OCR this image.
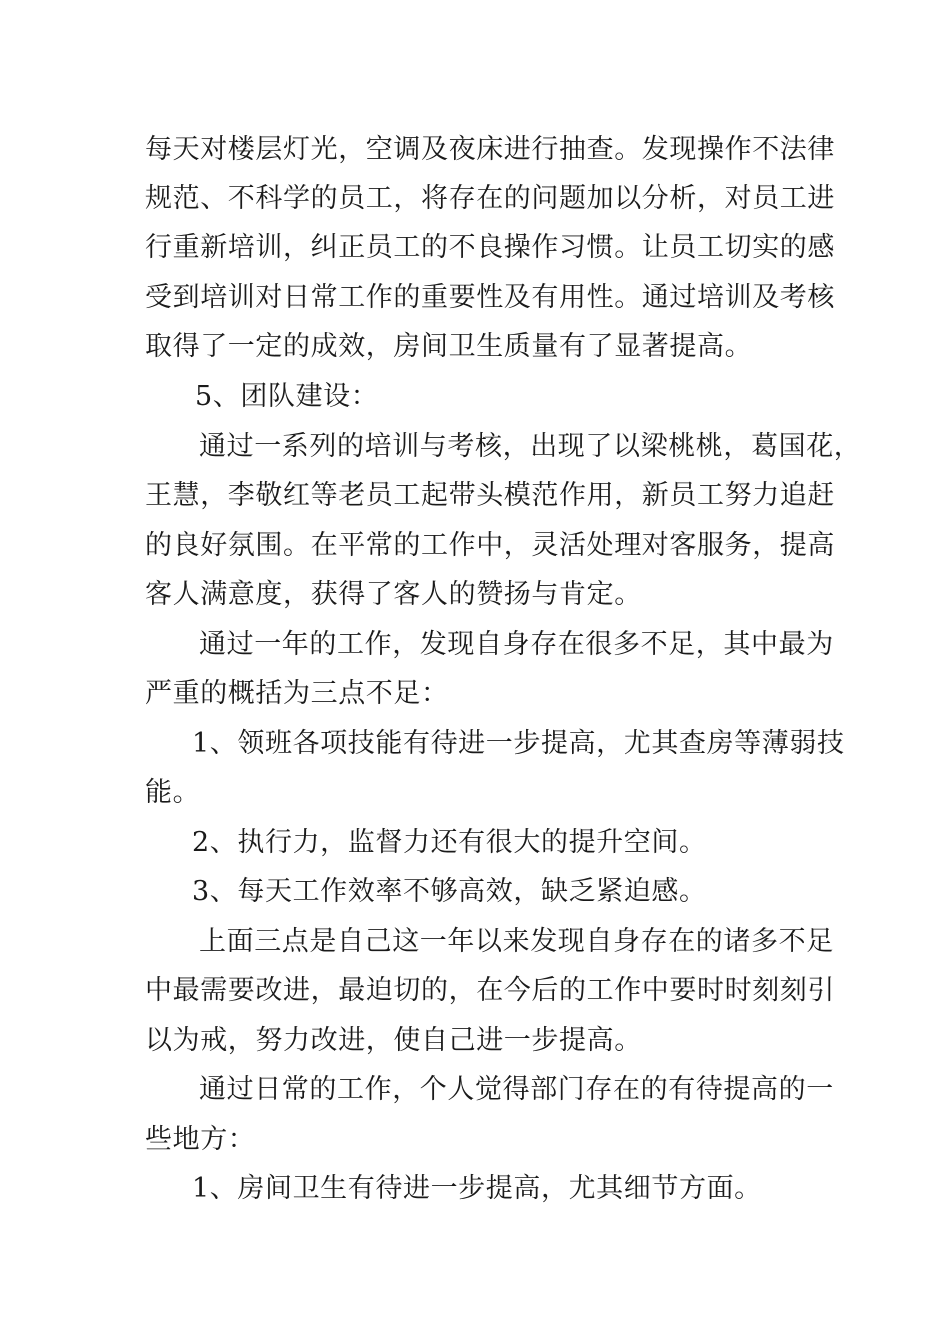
每天对楼层灯光，空调及夜床进行抽查。发现操作不法律
规范、不科学的员工，将存在的问题加以分析，对员工进
行重新培训，纠正员工的不良操作习惯。让员工切实的感
受到培训对日常工作的重要性及有用性。通过培训及考核
取得了一定的成效，房间卫生质量有了显著提高。
5、团队建设：
通过一系列的培训与考核，出现了以梁桃桃，葛国花，
王慧，李敬红等老员工起带头模范作用，新员工努力追赶
的良好氛围。在平常的工作中，灵活处理对客服务，提高
客人满意度，获得了客人的赞扬与肯定。
通过一年的工作，发现自身存在很多不足，其中最为
严重的概括为三点不足：
1、领班各项技能有待进一步提高，尤其查房等薄弱技
能。
2、执行力，监督力还有很大的提升空间。
3、每天工作效率不够高效，缺乏紧迫感。
上面三点是自己这一年以来发现自身存在的诸多不足
中最需要改进，最迫切的，在今后的工作中要时时刻刻引
以为戒，努力改进，使自己进一步提高。
通过日常的工作，个人觉得部门存在的有待提高的一
些地方：
1、房间卫生有待进一步提高，尤其细节方面。
